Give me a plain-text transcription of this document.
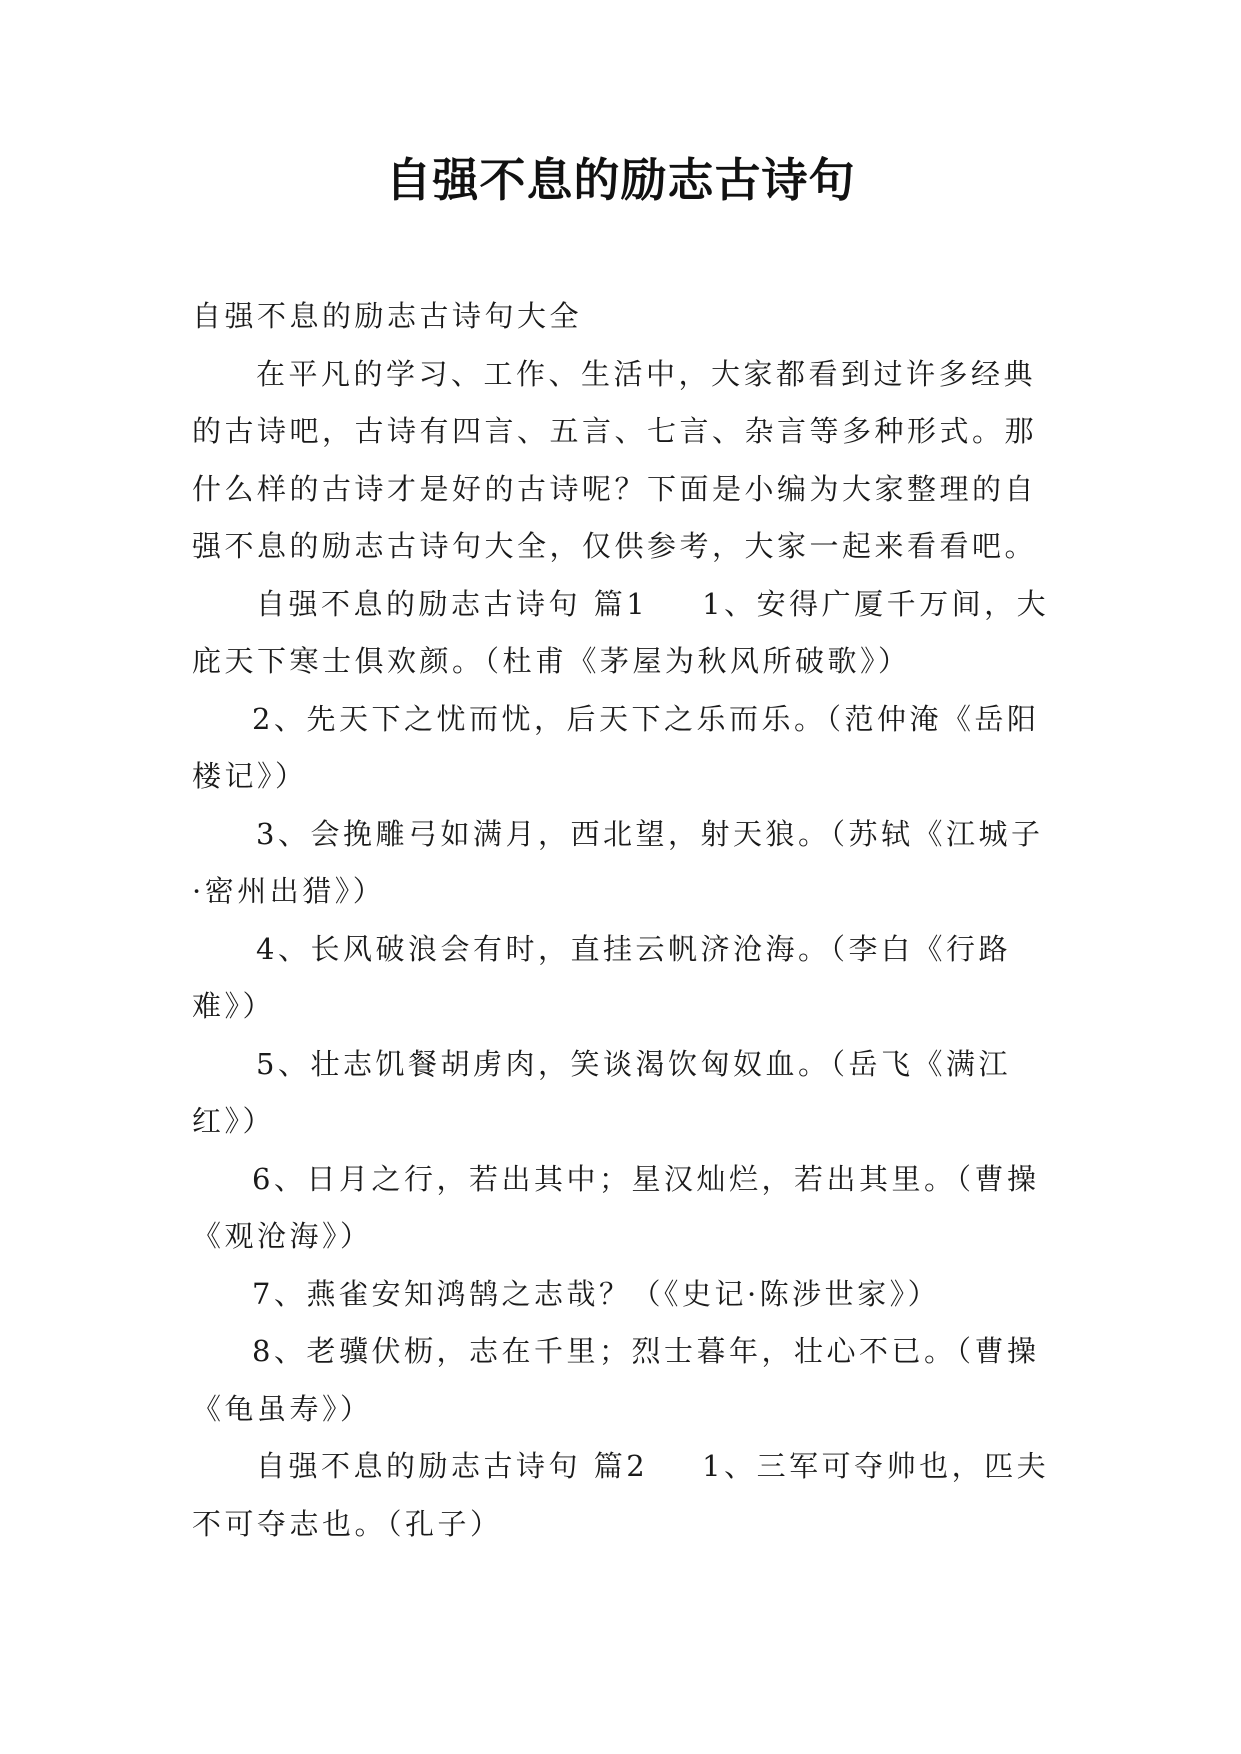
自强不息的励志古诗句

自强不息的励志古诗句大全

在平凡的学习、工作、生活中，大家都看到过许多经典的古诗吧，古诗有四言、五言、七言、杂言等多种形式。那什么样的古诗才是好的古诗呢？下面是小编为大家整理的自强不息的励志古诗句大全，仅供参考，大家一起来看看吧。

自强不息的励志古诗句 篇1 1、安得广厦千万间，大庇天下寒士俱欢颜。（杜甫《茅屋为秋风所破歌》）

2、先天下之忧而忧，后天下之乐而乐。（范仲淹《岳阳楼记》）

3、会挽雕弓如满月，西北望，射天狼。（苏轼《江城子·密州出猎》）

4、长风破浪会有时，直挂云帆济沧海。（李白《行路难》）

5、壮志饥餐胡虏肉，笑谈渴饮匈奴血。（岳飞《满江红》）

6、日月之行，若出其中；星汉灿烂，若出其里。（曹操《观沧海》）

7、燕雀安知鸿鹄之志哉？（《史记·陈涉世家》）

8、老骥伏枥，志在千里；烈士暮年，壮心不已。（曹操《龟虽寿》）

自强不息的励志古诗句 篇2 1、三军可夺帅也，匹夫不可夺志也。（孔子）
